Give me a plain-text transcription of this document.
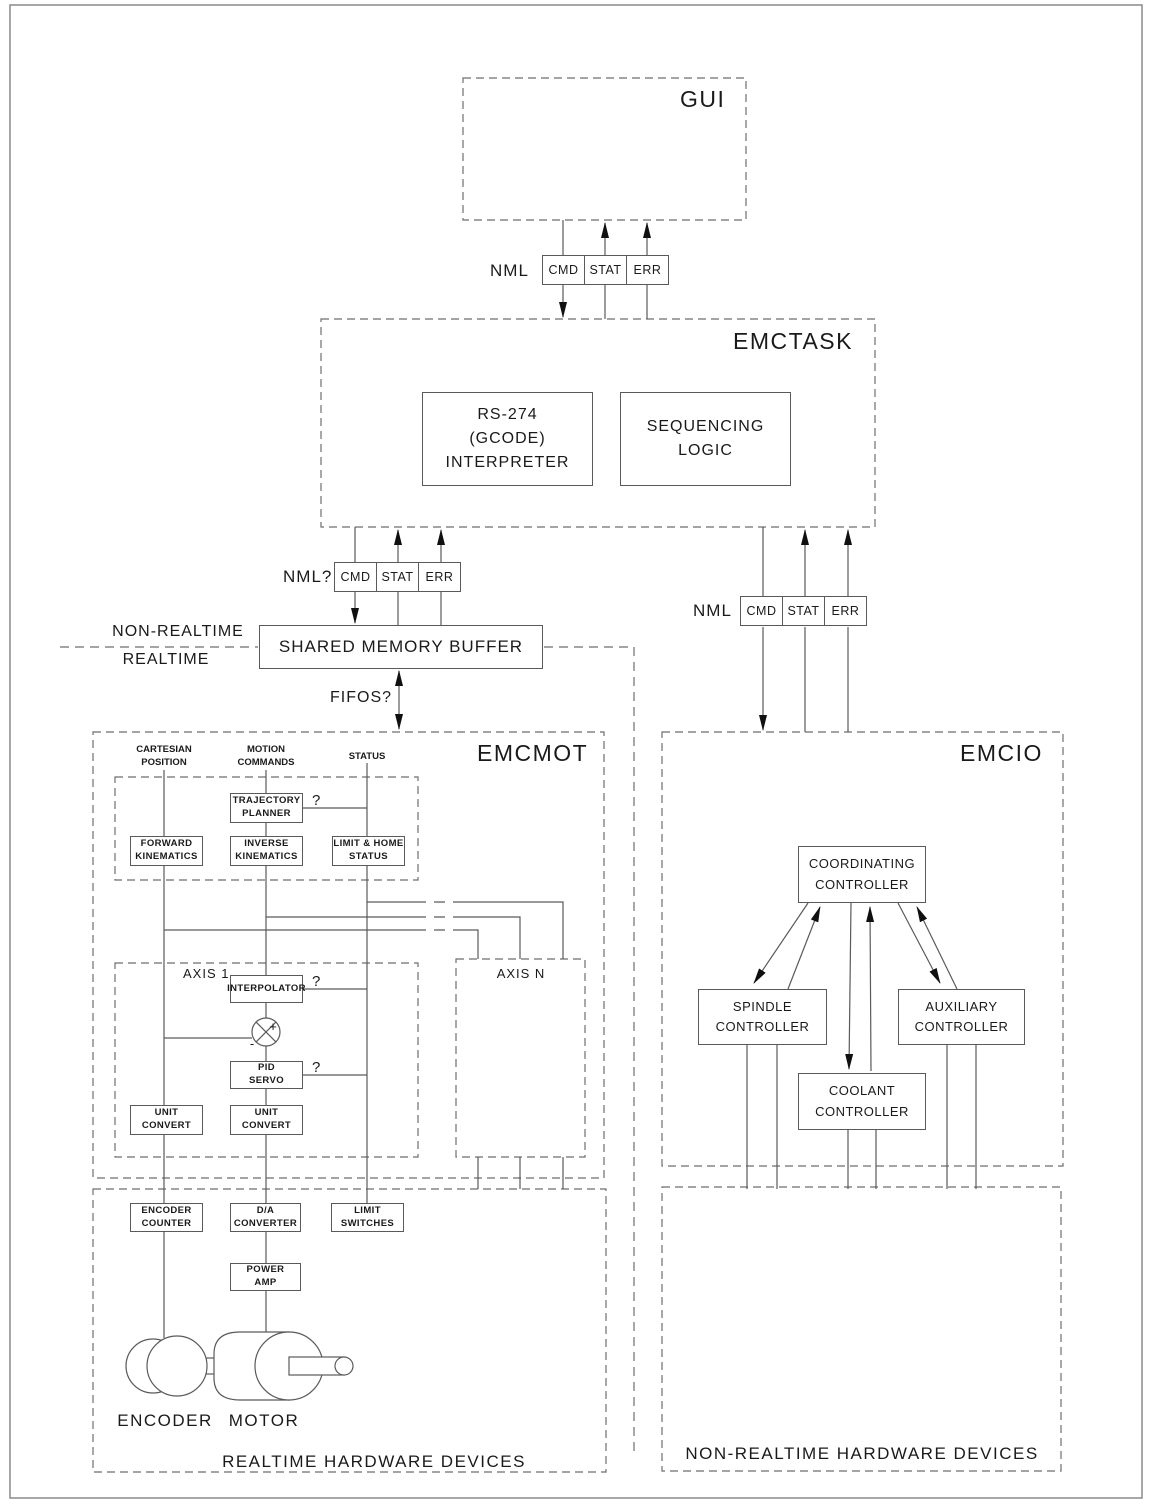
+
-
GUI
EMCTASK
EMCMOT	EMCIO
NML	CMD STAT ERR
NML? CMD STAT ERR
NML	CMD STAT ERR
RS-274
(GCODE)
INTERPRETER
SEQUENCING
LOGIC
SHARED MEMORY BUFFER
NON-REALTIME
REALTIME
FIFOS?
CARTESIAN
POSITION
MOTION
COMMANDS
STATUS
TRAJECTORY
PLANNER
FORWARD
KINEMATICS
INVERSE
KINEMATICS
LIMIT & HOME
STATUS
AXIS 1	AXIS N
INTERPOLATOR
PID
SERVO
UNIT
CONVERT
UNIT
CONVERT
?
?
?
ENCODER
COUNTER
D/A
CONVERTER
LIMIT
SWITCHES
POWER
AMP
ENCODER MOTOR
REALTIME HARDWARE DEVICES
COORDINATING
CONTROLLER
SPINDLE
CONTROLLER
AUXILIARY
CONTROLLER
COOLANT
CONTROLLER
NON-REALTIME HARDWARE DEVICES
